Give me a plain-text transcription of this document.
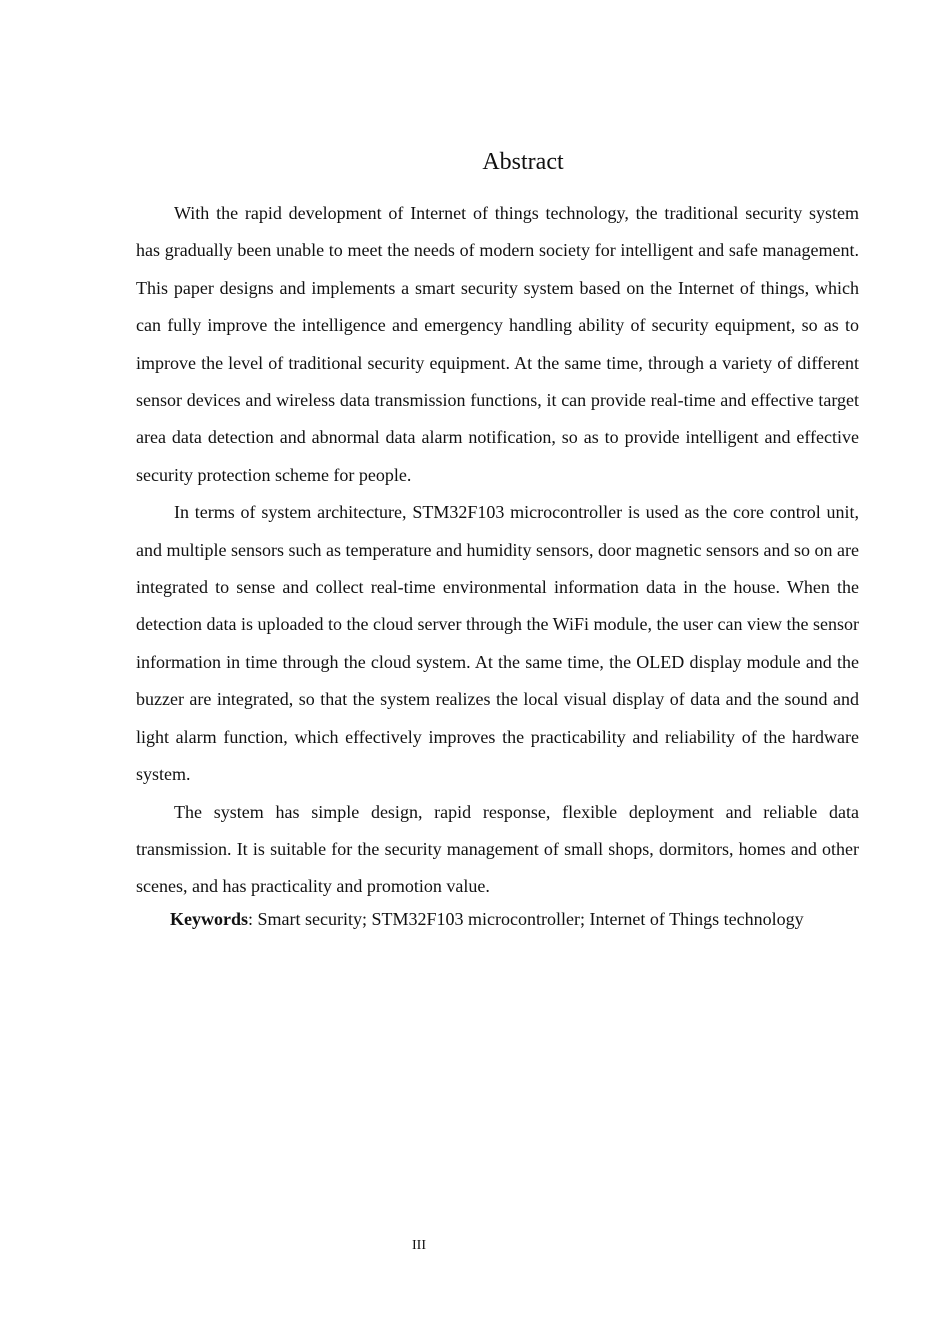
Abstract

With the rapid development of Internet of things technology, the traditional security system has gradually been unable to meet the needs of modern society for intelligent and safe management. This paper designs and implements a smart security system based on the Internet of things, which can fully improve the intelligence and emergency handling ability of security equipment, so as to improve the level of traditional security equipment. At the same time, through a variety of different sensor devices and wireless data transmission functions, it can provide real-time and effective target area data detection and abnormal data alarm notification, so as to provide intelligent and effective security protection scheme for people.

In terms of system architecture, STM32F103 microcontroller is used as the core control unit, and multiple sensors such as temperature and humidity sensors, door magnetic sensors and so on are integrated to sense and collect real-time environmental information data in the house. When the detection data is uploaded to the cloud server through the WiFi module, the user can view the sensor information in time through the cloud system. At the same time, the OLED display module and the buzzer are integrated, so that the system realizes the local visual display of data and the sound and light alarm function, which effectively improves the practicability and reliability of the hardware system.

The system has simple design, rapid response, flexible deployment and reliable data transmission. It is suitable for the security management of small shops, dormitors, homes and other scenes, and has practicality and promotion value.

Keywords: Smart security; STM32F103 microcontroller; Internet of Things technology
III
